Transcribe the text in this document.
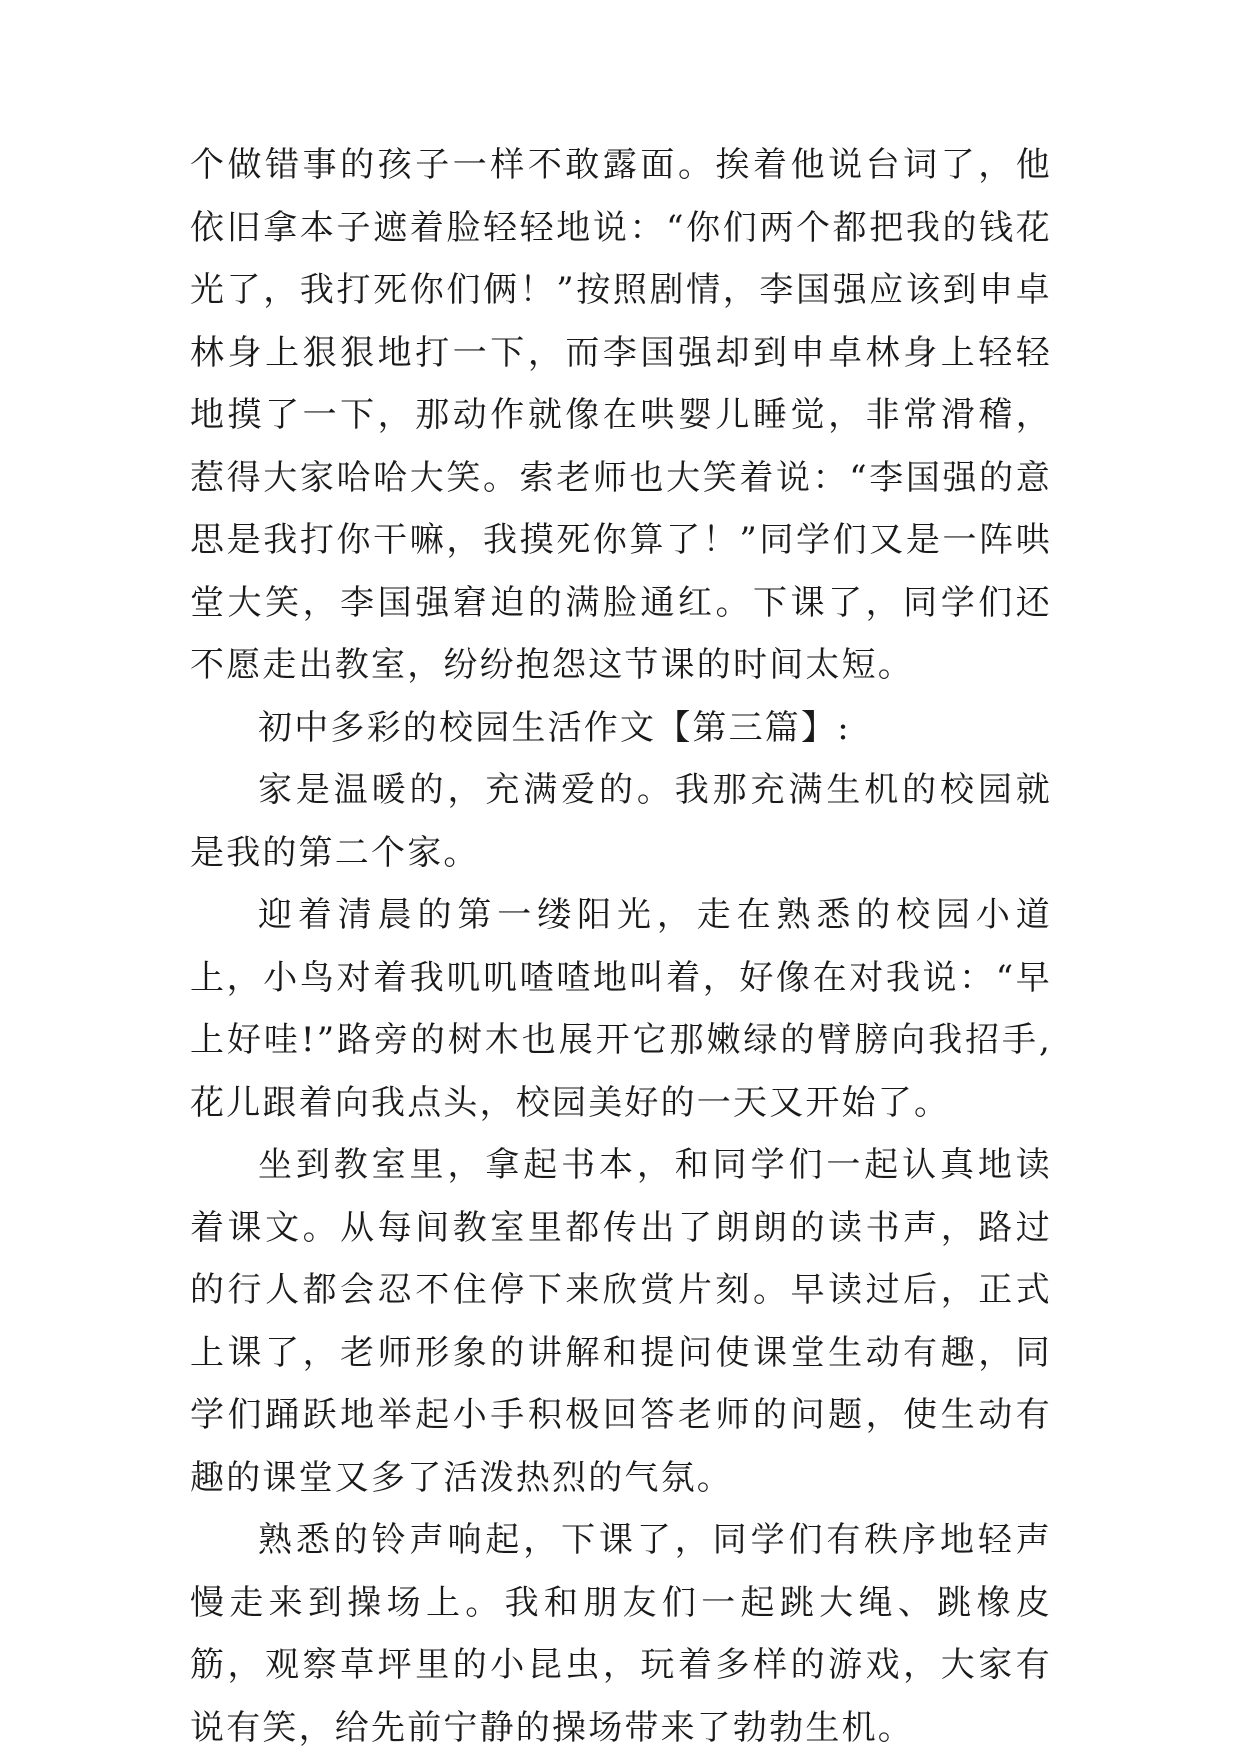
个做错事的孩子一样不敢露面。挨着他说台词了，他依旧拿本子遮着脸轻轻地说：“你们两个都把我的钱花光了，我打死你们俩！”按照剧情，李国强应该到申卓林身上狠狠地打一下，而李国强却到申卓林身上轻轻地摸了一下，那动作就像在哄婴儿睡觉，非常滑稽，惹得大家哈哈大笑。索老师也大笑着说：“李国强的意思是我打你干嘛，我摸死你算了！”同学们又是一阵哄堂大笑，李国强窘迫的满脸通红。下课了，同学们还不愿走出教室，纷纷抱怨这节课的时间太短。

初中多彩的校园生活作文【第三篇】:

家是温暖的，充满爱的。我那充满生机的校园就是我的第二个家。

迎着清晨的第一缕阳光，走在熟悉的校园小道上，小鸟对着我叽叽喳喳地叫着，好像在对我说：“早上好哇!”路旁的树木也展开它那嫩绿的臂膀向我招手,花儿跟着向我点头，校园美好的一天又开始了。

坐到教室里，拿起书本，和同学们一起认真地读着课文。从每间教室里都传出了朗朗的读书声，路过的行人都会忍不住停下来欣赏片刻。早读过后，正式上课了，老师形象的讲解和提问使课堂生动有趣，同学们踊跃地举起小手积极回答老师的问题，使生动有趣的课堂又多了活泼热烈的气氛。

熟悉的铃声响起，下课了，同学们有秩序地轻声慢走来到操场上。我和朋友们一起跳大绳、跳橡皮筋，观察草坪里的小昆虫，玩着多样的游戏，大家有说有笑，给先前宁静的操场带来了勃勃生机。
